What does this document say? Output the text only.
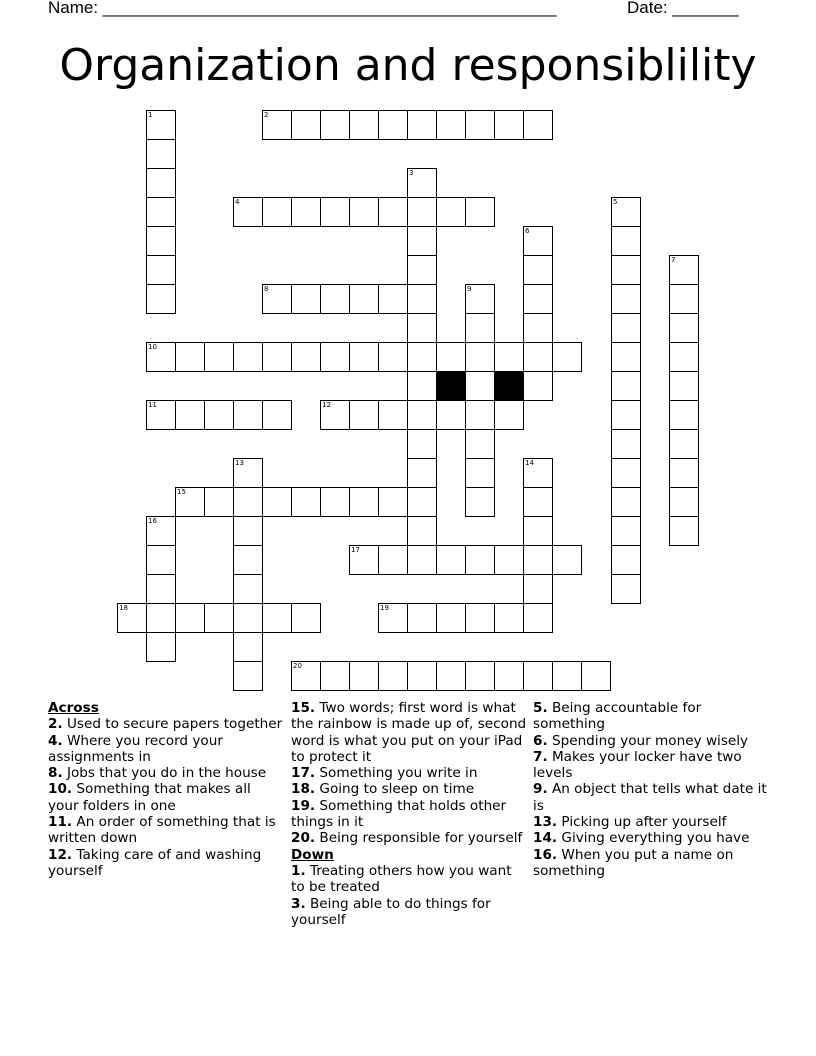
Name: ________________________________________________	Date: _______
Organization and responsiblility
1	2
3
4	5
6
7
8	9
10
11	12
13	14
15
16
17
18	19
20
Across
2. Used to secure papers together
4. Where you record your assignments in
8. Jobs that you do in the house
10. Something that makes all your folders in one
11. An order of something that is written down
12. Taking care of and washing yourself
15. Two words; first word is what the rainbow is made up of, second word is what you put on your iPad to protect it
17. Something you write in
18. Going to sleep on time
19. Something that holds other things in it
20. Being responsible for yourself
Down
1. Treating others how you want to be treated
3. Being able to do things for yourself
5. Being accountable for something
6. Spending your money wisely
7. Makes your locker have two levels
9. An object that tells what date it is
13. Picking up after yourself
14. Giving everything you have
16. When you put a name on something
